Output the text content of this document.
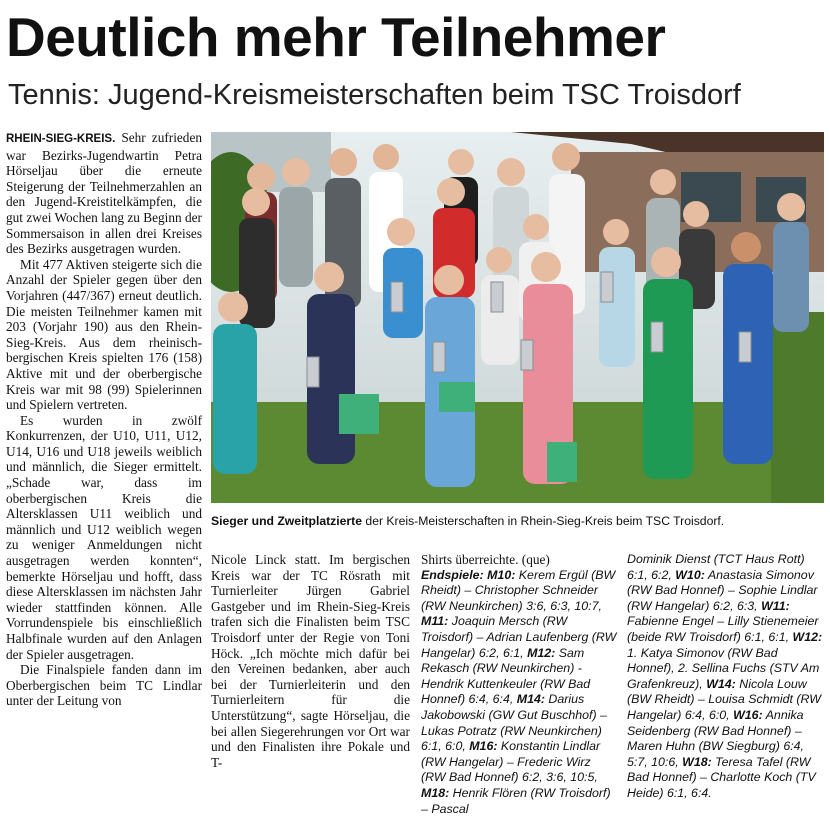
Deutlich mehr Teilnehmer
Tennis: Jugend-Kreismeisterschaften beim TSC Troisdorf

RHEIN-SIEG-KREIS. Sehr zufrieden war Bezirks-Jugendwartin Petra Hörselјau über die erneute Steigerung der Teilnehmerzahlen an den Jugend-Kreistitelkämpfen, die gut zwei Wochen lang zu Beginn der Sommersaison in allen drei Kreises des Bezirks ausgetragen wurden.

Mit 477 Aktiven steigerte sich die Anzahl der Spieler gegen über den Vorjahren (447/367) erneut deutlich. Die meisten Teilnehmer kamen mit 203 (Vorjahr 190) aus den Rhein-Sieg-Kreis. Aus dem rheinisch-bergischen Kreis spielten 176 (158) Aktive mit und der oberbergische Kreis war mit 98 (99) Spielerinnen und Spielern vertreten.

Es wurden in zwölf Konkurrenzen, der U10, U11, U12, U14, U16 und U18 jeweils weiblich und männlich, die Sieger ermittelt. „Schade war, dass im oberbergischen Kreis die Altersklassen U11 weiblich und männlich und U12 weiblich wegen zu weniger Anmeldungen nicht ausgetragen werden konnten“, bemerkte Hörselјau und hofft, dass diese Altersklassen im nächsten Jahr wieder stattfinden können. Alle Vorrundenspiele bis einschließlich Halbfinale wurden auf den Anlagen der Spieler ausgetragen.

Die Finalspiele fanden dann im Oberbergischen beim TC Lindlar unter der Leitung von

Nicole Linck statt. Im bergischen Kreis war der TC Rösrath mit Turnierleiter Jürgen Gabriel Gastgeber und im Rhein-Sieg-Kreis trafen sich die Finalisten beim TSC Troisdorf unter der Regie von Toni Höck. „Ich möchte mich dafür bei den Vereinen bedanken, aber auch bei der Turnierleiterin und den Turnierleitern für die Unterstützung“, sagte Hörseljau, die bei allen Siegerehrungen vor Ort war und den Finalisten ihre Pokale und T-

Shirts überreichte. (que)

Endspiele: M10: Kerem Ergül (BW Rheidt) – Christopher Schneider (RW Neunkirchen) 3:6, 6:3, 10:7, M11: Joaquin Mersch (RW Troisdorf) – Adrian Laufenberg (RW Hangelar) 6:2, 6:1, M12: Sam Rekasch (RW Neunkirchen) - Hendrik Kuttenkeuler (RW Bad Honnef) 6:4, 6:4, M14: Darius Jakobowski (GW Gut Buschhof) – Lukas Potratz (RW Neunkirchen) 6:1, 6:0, M16: Konstantin Lindlar (RW Hangelar) – Frederic Wirz (RW Bad Honnef) 6:2, 3:6, 10:5, M18: Henrik Flören (RW Troisdorf) – Pascal
Dominik Dienst (TCT Haus Rott) 6:1, 6:2, W10: Anastasia Simonov (RW Bad Honnef) – Sophie Lindlar (RW Hangelar) 6:2, 6:3, W11: Fabienne Engel – Lilly Stienemeier (beide RW Troisdorf) 6:1, 6:1, W12: 1. Katya Simonov (RW Bad Honnef), 2. Sellina Fuchs (STV Am Grafenkreuz), W14: Nicola Louw (BW Rheidt) – Louisa Schmidt (RW Hangelar) 6:4, 6:0, W16: Annika Seidenberg (RW Bad Honnef) – Maren Huhn (BW Siegburg) 6:4, 5:7, 10:6, W18: Teresa Tafel (RW Bad Honnef) – Charlotte Koch (TV Heide) 6:1, 6:4.
Sieger und Zweitplatzierte der Kreis-Meisterschaften in Rhein-Sieg-Kreis beim TSC Troisdorf.
